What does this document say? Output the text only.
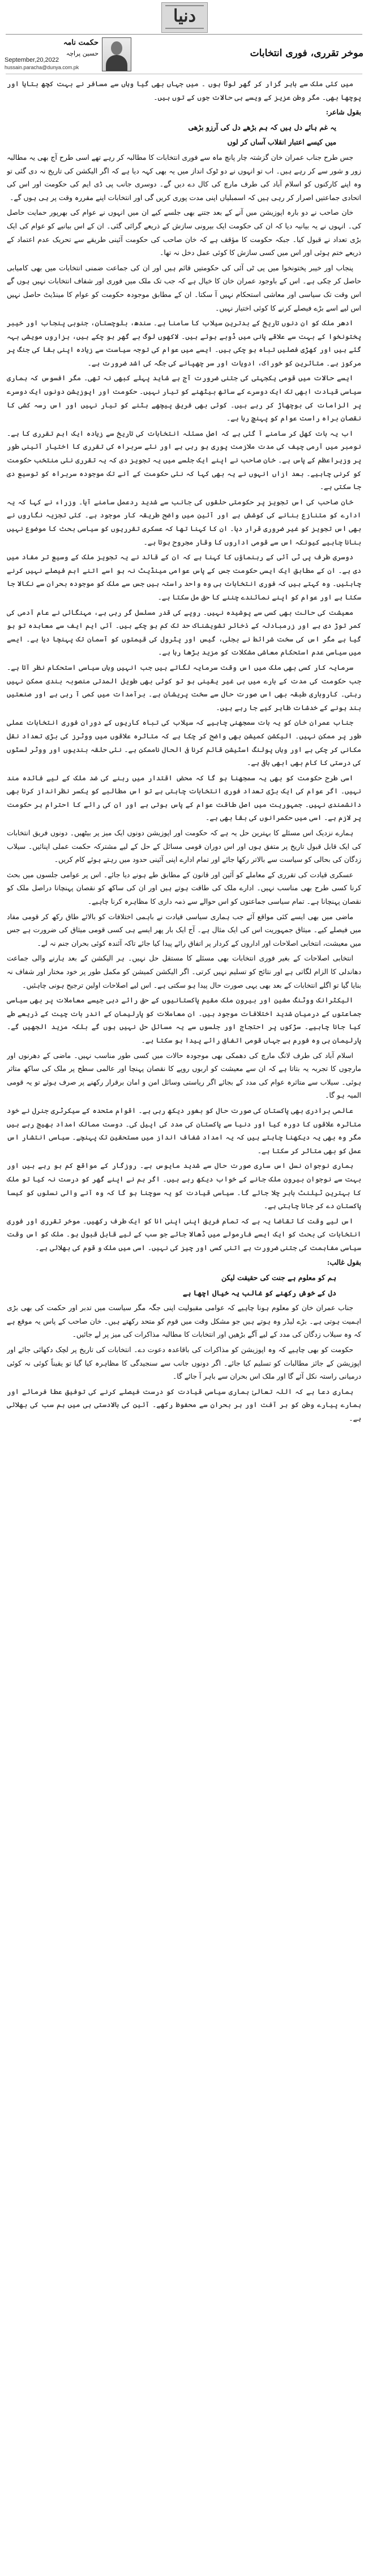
دنیا
حکمت نامہ
حسین پراچہ
September,20,2022
hussain.paracha@dunya.com.pk
موخر تقرری، فوری انتخابات

میں کئی ملک سے باہر گزار کر گھر لوٹا ہوں ۔ میں جہاں بھی گیا وہاں سے مسافر نے بہت کچھ بتایا اور پوچھا بھی۔ مگر وطن عزیز کے ویسے ہی حالات جوں کے توں ہیں۔

بقول شاعر:

یہ غم ہائے دل ہیں کہ ہم بڑھے دل کی آرزو بڑھی

میں کیسے اعتبار انقلاب آساں کر لوں

جس طرح جناب عمران خان گزشتہ چار پانچ ماہ سے فوری انتخابات کا مطالبہ کر رہے تھے اسی طرح آج بھی یہ مطالبہ زور و شور سے کر رہے ہیں۔ اب تو انہوں نے دو ٹوک انداز میں یہ بھی کہہ دیا ہے کہ اگر الیکشن کی تاریخ نہ دی گئی تو وہ اپنے کارکنوں کو اسلام آباد کی طرف مارچ کی کال دے دیں گے۔ دوسری جانب پی ڈی ایم کی حکومت اور اس کی اتحادی جماعتیں اصرار کر رہی ہیں کہ اسمبلیاں اپنی مدت پوری کریں گی اور انتخابات اپنے مقررہ وقت پر ہی ہوں گے۔

خان صاحب نے دو بارہ اپوزیشن میں آنے کے بعد جتنے بھی جلسے کیے ان میں انہوں نے عوام کی بھرپور حمایت حاصل کی۔ انہوں نے یہ بیانیہ دیا کہ ان کی حکومت ایک بیرونی سازش کے ذریعے گرائی گئی۔ ان کے اس بیانیے کو عوام کی ایک بڑی تعداد نے قبول کیا۔ جبکہ حکومت کا مؤقف ہے کہ خان صاحب کی حکومت آئینی طریقے سے تحریک عدم اعتماد کے ذریعے ختم ہوئی اور اس میں کسی سازش کا کوئی عمل دخل نہ تھا۔

پنجاب اور خیبر پختونخوا میں پی ٹی آئی کی حکومتیں قائم ہیں اور ان کی جماعت ضمنی انتخابات میں بھی کامیابی حاصل کر چکی ہے۔ اس کے باوجود عمران خان کا خیال ہے کہ جب تک ملک میں فوری اور شفاف انتخابات نہیں ہوں گے اس وقت تک سیاسی اور معاشی استحکام نہیں آ سکتا۔ ان کے مطابق موجودہ حکومت کو عوام کا مینڈیٹ حاصل نہیں اس لیے اسے بڑے فیصلے کرنے کا کوئی اختیار نہیں۔

ادھر ملک کو ان دنوں تاریخ کے بدترین سیلاب کا سامنا ہے۔ سندھ، بلوچستان، جنوبی پنجاب اور خیبر پختونخوا کے بہت سے علاقے پانی میں ڈوبے ہوئے ہیں۔ لاکھوں لوگ بے گھر ہو چکے ہیں، ہزاروں مویشی بہہ گئے ہیں اور کھڑی فصلیں تباہ ہو چکی ہیں۔ ایسے میں عوام کی توجہ سیاست سے زیادہ اپنی بقا کی جنگ پر مرکوز ہے۔ متاثرین کو خوراک، ادویات اور سر چھپانے کی جگہ کی اشد ضرورت ہے۔

ایسے حالات میں قومی یکجہتی کی جتنی ضرورت آج ہے شاید پہلے کبھی نہ تھی۔ مگر افسوس کہ ہماری سیاسی قیادت ابھی تک ایک دوسرے کے ساتھ بیٹھنے کو تیار نہیں۔ حکومت اور اپوزیشن دونوں ایک دوسرے پر الزامات کی بوچھاڑ کر رہے ہیں۔ کوئی بھی فریق پیچھے ہٹنے کو تیار نہیں اور اس رسہ کشی کا نقصان براہ راست عوام کو پہنچ رہا ہے۔

اب یہ بات کھل کر سامنے آ گئی ہے کہ اصل مسئلہ انتخابات کی تاریخ سے زیادہ ایک اہم تقرری کا ہے۔ نومبر میں آرمی چیف کی مدت ملازمت پوری ہو رہی ہے اور نئے سربراہ کی تقرری کا اختیار آئینی طور پر وزیراعظم کے پاس ہے۔ خان صاحب نے اپنے ایک جلسے میں یہ تجویز دی کہ یہ تقرری نئی منتخب حکومت کو کرنی چاہیے۔ بعد ازاں انہوں نے یہ بھی کہا کہ نئی حکومت کے آنے تک موجودہ سربراہ کو توسیع دی جا سکتی ہے۔

خان صاحب کی اس تجویز پر حکومتی حلقوں کی جانب سے شدید ردعمل سامنے آیا۔ وزراء نے کہا کہ یہ ادارے کو متنازع بنانے کی کوشش ہے اور آئین میں واضح طریقہ کار موجود ہے۔ کئی تجزیہ نگاروں نے بھی اس تجویز کو غیر ضروری قرار دیا۔ ان کا کہنا تھا کہ عسکری تقرریوں کو سیاسی بحث کا موضوع نہیں بنانا چاہیے کیونکہ اس سے قومی اداروں کا وقار مجروح ہوتا ہے۔

دوسری طرف پی ٹی آئی کے رہنماؤں کا کہنا ہے کہ ان کے قائد نے یہ تجویز ملک کے وسیع تر مفاد میں دی ہے۔ ان کے مطابق ایک ایسی حکومت جس کے پاس عوامی مینڈیٹ نہ ہو اسے اتنے اہم فیصلے نہیں کرنے چاہئیں۔ وہ کہتے ہیں کہ فوری انتخابات ہی وہ واحد راستہ ہیں جس سے ملک کو موجودہ بحران سے نکالا جا سکتا ہے اور عوام کو اپنے نمائندے چننے کا حق مل سکتا ہے۔

معیشت کی حالت بھی کسی سے پوشیدہ نہیں۔ روپے کی قدر مسلسل گر رہی ہے، مہنگائی نے عام آدمی کی کمر توڑ دی ہے اور زرمبادلہ کے ذخائر تشویشناک حد تک کم ہو چکے ہیں۔ آئی ایم ایف سے معاہدہ تو ہو گیا ہے مگر اس کی سخت شرائط نے بجلی، گیس اور پٹرول کی قیمتوں کو آسمان تک پہنچا دیا ہے۔ ایسے میں سیاسی عدم استحکام معاشی مشکلات کو مزید بڑھا رہا ہے۔

سرمایہ کار کسی بھی ملک میں اس وقت سرمایہ لگاتے ہیں جب انہیں وہاں سیاسی استحکام نظر آتا ہے۔ جب حکومت کی مدت کے بارے میں ہی غیر یقینی ہو تو کوئی بھی طویل المدتی منصوبہ بندی ممکن نہیں رہتی۔ کاروباری طبقہ بھی اس صورت حال سے سخت پریشان ہے۔ برآمدات میں کمی آ رہی ہے اور صنعتیں بند ہونے کے خدشات ظاہر کیے جا رہے ہیں۔

جناب عمران خان کو یہ بات سمجھنی چاہیے کہ سیلاب کی تباہ کاریوں کے دوران فوری انتخابات عملی طور پر ممکن نہیں۔ الیکشن کمیشن بھی واضح کر چکا ہے کہ متاثرہ علاقوں میں ووٹرز کی بڑی تعداد نقل مکانی کر چکی ہے اور وہاں پولنگ اسٹیشن قائم کرنا فی الحال ناممکن ہے۔ نئی حلقہ بندیوں اور ووٹر لسٹوں کی درستی کا کام بھی ابھی باقی ہے۔

اسی طرح حکومت کو بھی یہ سمجھنا ہو گا کہ محض اقتدار میں رہنے کی ضد ملک کے لیے فائدہ مند نہیں۔ اگر عوام کی ایک بڑی تعداد فوری انتخابات چاہتی ہے تو اس مطالبے کو یکسر نظرانداز کرنا بھی دانشمندی نہیں۔ جمہوریت میں اصل طاقت عوام کے پاس ہوتی ہے اور ان کی رائے کا احترام ہر حکومت پر لازم ہے۔ اسی میں حکمرانوں کی بقا بھی ہے۔

ہمارے نزدیک اس مسئلے کا بہترین حل یہ ہے کہ حکومت اور اپوزیشن دونوں ایک میز پر بیٹھیں۔ دونوں فریق انتخابات کی ایک قابل قبول تاریخ پر متفق ہوں اور اس دوران قومی مسائل کے حل کے لیے مشترکہ حکمت عملی اپنائیں۔ سیلاب زدگان کی بحالی کو سیاست سے بالاتر رکھا جائے اور تمام ادارے اپنی آئینی حدود میں رہتے ہوئے کام کریں۔

عسکری قیادت کی تقرری کے معاملے کو آئین اور قانون کے مطابق طے ہونے دیا جائے۔ اس پر عوامی جلسوں میں بحث کرنا کسی طرح بھی مناسب نہیں۔ ادارے ملک کی طاقت ہوتے ہیں اور ان کی ساکھ کو نقصان پہنچانا دراصل ملک کو نقصان پہنچانا ہے۔ تمام سیاسی جماعتوں کو اس حوالے سے ذمہ داری کا مظاہرہ کرنا چاہیے۔

ماضی میں بھی ایسے کئی مواقع آئے جب ہماری سیاسی قیادت نے باہمی اختلافات کو بالائے طاق رکھ کر قومی مفاد میں فیصلے کیے۔ میثاق جمہوریت اس کی ایک مثال ہے۔ آج ایک بار پھر ایسے ہی کسی قومی میثاق کی ضرورت ہے جس میں معیشت، انتخابی اصلاحات اور اداروں کے کردار پر اتفاق رائے پیدا کیا جائے تاکہ آئندہ کوئی بحران جنم نہ لے۔

انتخابی اصلاحات کے بغیر فوری انتخابات بھی مسئلے کا مستقل حل نہیں۔ ہر الیکشن کے بعد ہارنے والی جماعت دھاندلی کا الزام لگاتی ہے اور نتائج کو تسلیم نہیں کرتی۔ اگر الیکشن کمیشن کو مکمل طور پر خود مختار اور شفاف نہ بنایا گیا تو اگلے انتخابات کے بعد بھی یہی صورت حال پیدا ہو سکتی ہے۔ اس لیے اصلاحات اولین ترجیح ہونی چاہئیں۔

الیکٹرانک ووٹنگ مشین اور بیرون ملک مقیم پاکستانیوں کے حق رائے دہی جیسے معاملات پر بھی سیاسی جماعتوں کے درمیان شدید اختلافات موجود ہیں۔ ان معاملات کو پارلیمان کے اندر بات چیت کے ذریعے طے کیا جانا چاہیے۔ سڑکوں پر احتجاج اور جلسوں سے یہ مسائل حل نہیں ہوں گے بلکہ مزید الجھیں گے۔ پارلیمان ہی وہ فورم ہے جہاں قومی اتفاق رائے پیدا ہو سکتا ہے۔

اسلام آباد کی طرف لانگ مارچ کی دھمکی بھی موجودہ حالات میں کسی طور مناسب نہیں۔ ماضی کے دھرنوں اور مارچوں کا تجربہ یہ بتاتا ہے کہ ان سے معیشت کو اربوں روپے کا نقصان پہنچا اور عالمی سطح پر ملک کی ساکھ متاثر ہوئی۔ سیلاب سے متاثرہ عوام کی مدد کے بجائے اگر ریاستی وسائل امن و امان برقرار رکھنے پر صرف ہوئے تو یہ قومی المیہ ہو گا۔

عالمی برادری بھی پاکستان کی صورت حال کو بغور دیکھ رہی ہے۔ اقوام متحدہ کے سیکرٹری جنرل نے خود متاثرہ علاقوں کا دورہ کیا اور دنیا سے پاکستان کی مدد کی اپیل کی۔ دوست ممالک امداد بھیج رہے ہیں مگر وہ بھی یہ دیکھنا چاہتے ہیں کہ یہ امداد شفاف انداز میں مستحقین تک پہنچے۔ سیاسی انتشار اس عمل کو بھی متاثر کر سکتا ہے۔

ہماری نوجوان نسل اس ساری صورت حال سے شدید مایوس ہے۔ روزگار کے مواقع کم ہو رہے ہیں اور بہت سے نوجوان بیرون ملک جانے کے خواب دیکھ رہے ہیں۔ اگر ہم نے اپنے گھر کو درست نہ کیا تو ملک کا بہترین ٹیلنٹ باہر چلا جائے گا۔ سیاسی قیادت کو یہ سوچنا ہو گا کہ وہ آنے والی نسلوں کو کیسا پاکستان دے کر جانا چاہتی ہے۔

اس لیے وقت کا تقاضا یہ ہے کہ تمام فریق اپنی اپنی انا کو ایک طرف رکھیں۔ موخر تقرری اور فوری انتخابات کی بحث کو ایک ایسے فارمولے میں ڈھالا جائے جو سب کے لیے قابل قبول ہو۔ ملک کو اس وقت سیاسی مفاہمت کی جتنی ضرورت ہے اتنی کسی اور چیز کی نہیں۔ اسی میں ملک و قوم کی بھلائی ہے۔

بقول غالب:

ہم کو معلوم ہے جنت کی حقیقت لیکن

دل کے خوش رکھنے کو غالب یہ خیال اچھا ہے

جناب عمران خان کو معلوم ہونا چاہیے کہ عوامی مقبولیت اپنی جگہ مگر سیاست میں تدبر اور حکمت کی بھی بڑی اہمیت ہوتی ہے۔ بڑے لیڈر وہ ہوتے ہیں جو مشکل وقت میں قوم کو متحد رکھتے ہیں۔ خان صاحب کے پاس یہ موقع ہے کہ وہ سیلاب زدگان کی مدد کے لیے آگے بڑھیں اور انتخابات کا مطالبہ مذاکرات کی میز پر لے جائیں۔

حکومت کو بھی چاہیے کہ وہ اپوزیشن کو مذاکرات کی باقاعدہ دعوت دے۔ انتخابات کی تاریخ پر لچک دکھائی جائے اور اپوزیشن کے جائز مطالبات کو تسلیم کیا جائے۔ اگر دونوں جانب سے سنجیدگی کا مظاہرہ کیا گیا تو یقیناً کوئی نہ کوئی درمیانی راستہ نکل آئے گا اور ملک اس بحران سے باہر آ جائے گا۔

ہماری دعا ہے کہ اللہ تعالیٰ ہماری سیاسی قیادت کو درست فیصلے کرنے کی توفیق عطا فرمائے اور ہمارے پیارے وطن کو ہر آفت اور ہر بحران سے محفوظ رکھے۔ آئین کی بالادستی ہی میں ہم سب کی بھلائی ہے۔
